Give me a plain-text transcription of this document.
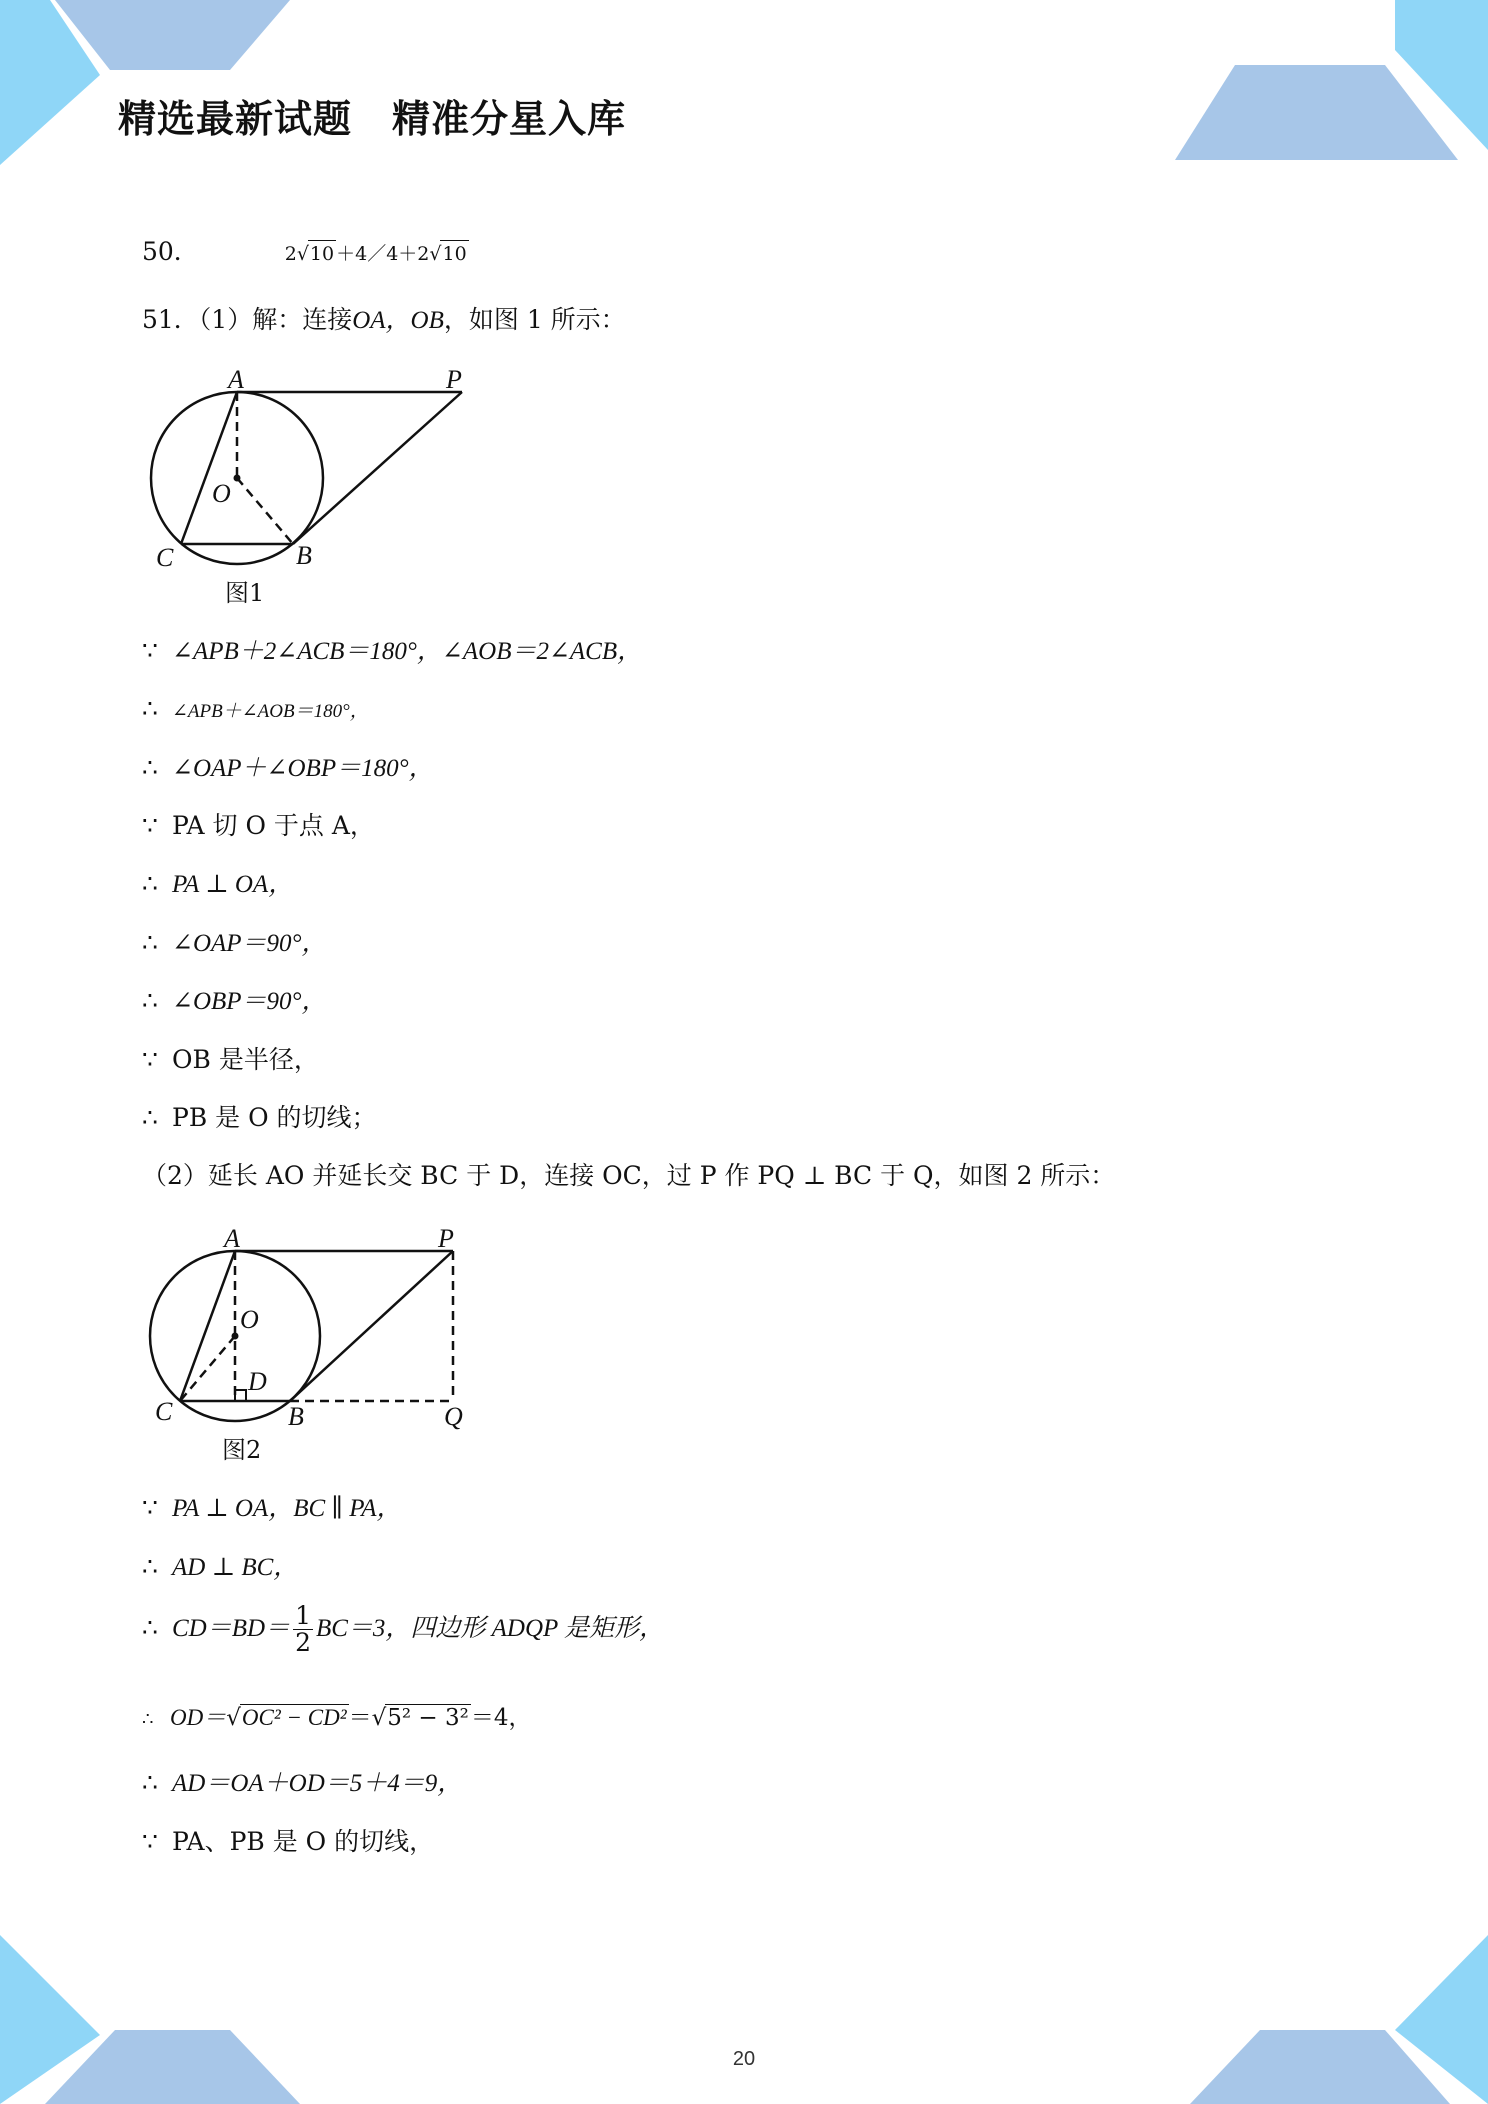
精选最新试题 精准分星入库
50．	2√10 ＋4／4＋2√10
51．（1）解：连接OA，OB，如图 1 所示：
A	P
O
C	B
图1
∵ ∠APB＋2∠ACB＝180°，∠AOB＝2∠ACB，
∴ ∠APB＋∠AOB＝180°，
∴ ∠OAP＋∠OBP＝180°，
∵ PA 切 O 于点 A，
∴ PA ⊥ OA，
∴ ∠OAP＝90°，
∴ ∠OBP＝90°，
∵ OB 是半径，
∴ PB 是 O 的切线；
（2）延长 AO 并延长交 BC 于 D，连接 OC，过 P 作 PQ ⊥ BC 于 Q，如图 2 所示：
A	P
O
D
C	B	Q
图2
∵ PA ⊥ OA，BC ∥ PA，
∴ AD ⊥ BC，
∴ $CD=BD= \frac{1}{2} BC=3$，四边形 ADQP 是矩形，
∴ OD＝√OC² − CD²＝√5² − 3²＝4，
∴ AD＝OA＋OD＝5＋4＝9，
∵ PA、PB 是 O 的切线，
20
